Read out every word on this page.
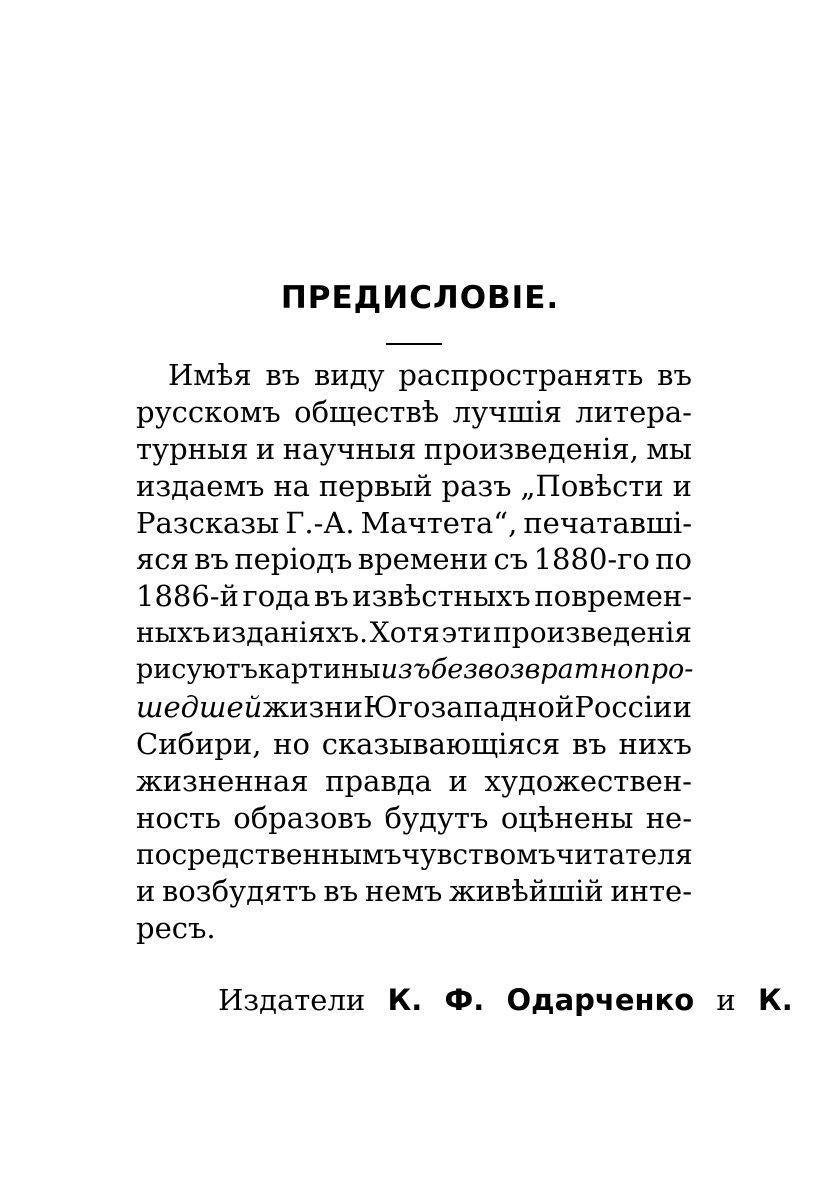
ПРЕДИСЛОВІЕ.
Имѣя въ виду распространять въ
русскомъ обществѣ лучшія литера-
турныя и научныя произведенія, мы
издаемъ на первый разъ „Повѣсти и
Разсказы Г.-А. Мачтета“, печатавші-
яся въ періодъ времени съ 1880-го по
1886-й года въ извѣстныхъ повремен-
ныхъ изданіяхъ. Хотя эти произведенія
рисуютъ картины изъ безвозвратно про-
шедшей жизни Югозападной Россіи и
Сибири, но сказывающіяся въ нихъ
жизненная правда и художествен-
ность образовъ будутъ оцѣнены не-
посредственнымъ чувствомъ читателя
и возбудятъ въ немъ живѣйшій инте-
ресъ.

Издатели К. Ф. Одарченко и К.
